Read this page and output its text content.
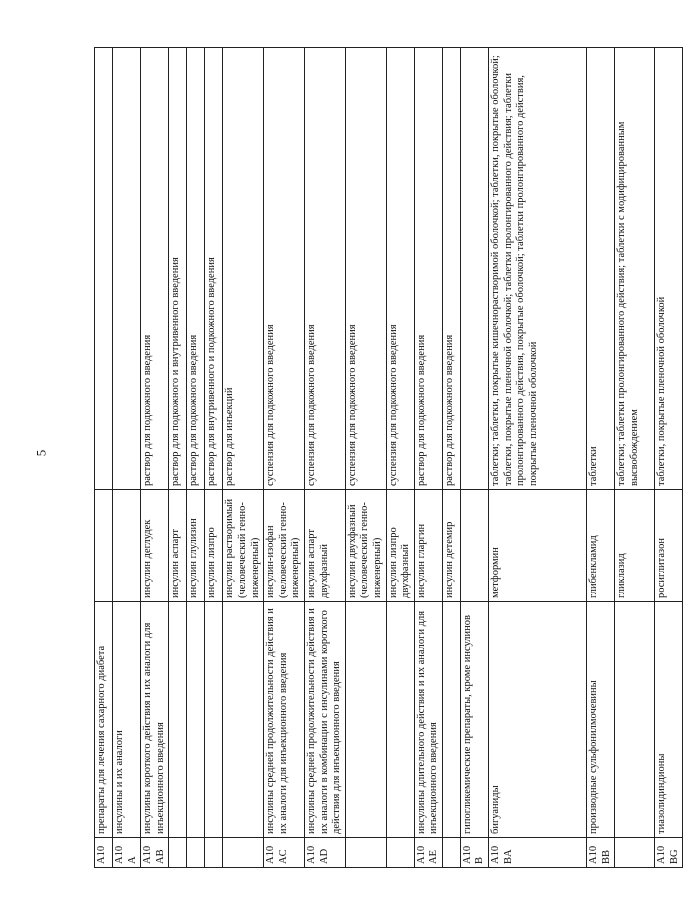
5
A10	препараты для лечения сахарного диабета		
A10A	инсулины и их аналоги		
A10AB	инсулины короткого действия и их аналоги для инъекционного введения	инсулин деглудек	раствор для подкожного введения
		инсулин аспарт	раствор для подкожного и внутривенного введения
		инсулин глулизин	раствор для подкожного введения
		инсулин лизпро	раствор для внутривенного и подкожного введения
		инсулин растворимый (человеческий генно-инженерный)	раствор для инъекций
A10AC	инсулины средней продолжительности действия и их аналоги для инъекционного введения	инсулин-изофан (человеческий генно-инженерный)	суспензия для подкожного введения
A10AD	инсулины средней продолжительности действия и их аналоги в комбинации с инсулинами короткого действия для инъекционного введения	инсулин аспарт двухфазный	суспензия для подкожного введения
		инсулин двухфазный (человеческий генно-инженерный)	суспензия для подкожного введения
		инсулин лизпро двухфазный	суспензия для подкожного введения
A10AE	инсулины длительного действия и их аналоги для инъекционного введения	инсулин гларгин	раствор для подкожного введения
		инсулин детемир	раствор для подкожного введения
A10B	гипогликемические препараты, кроме инсулинов		
A10BA	бигуаниды	метформин	таблетки; таблетки, покрытые кишечнорастворимой оболочкой; таблетки, покрытые оболочкой; таблетки, покрытые пленочной оболочкой; таблетки пролонгированного действия; таблетки пролонгированного действия, покрытые оболочкой; таблетки пролонгированного действия, покрытые пленочной оболочкой
A10BB	производные сульфонилмочевины	глибенкламид	таблетки
		гликлазид	таблетки; таблетки пролонгированного действия; таблетки с модифицированным высвобождением
A10BG	тиазолидиндионы	росиглитазон	таблетки, покрытые пленочной оболочкой
